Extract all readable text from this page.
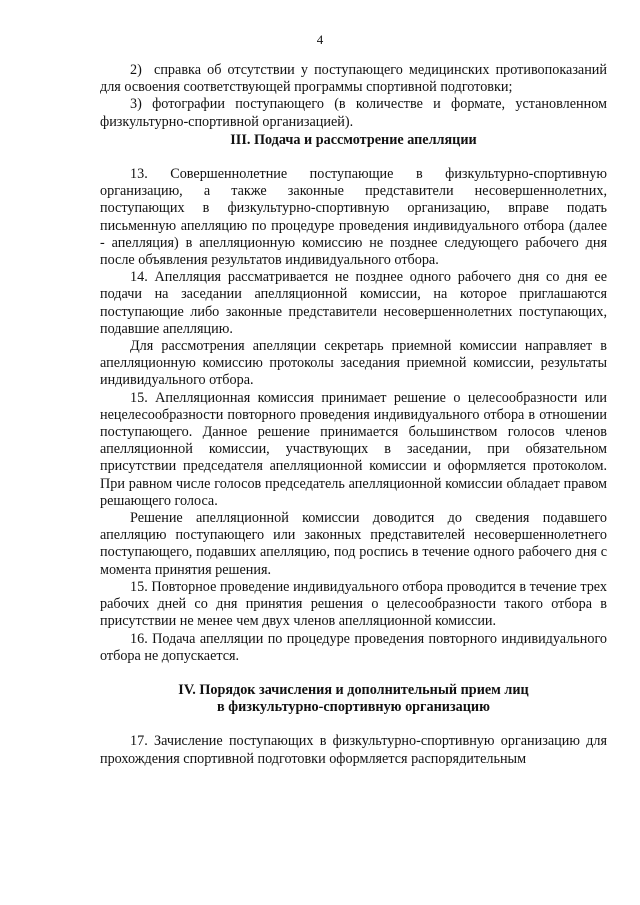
4

2)  справка об отсутствии у поступающего медицинских противопоказаний для освоения соответствующей программы спортивной подготовки;

3) фотографии поступающего (в количестве и формате, установленном физкультурно-спортивной организацией).

III. Подача и рассмотрение апелляции

13. Совершеннолетние поступающие в физкультурно-спортивную организацию, а также законные представители несовершеннолетних, поступающих в физкультурно-спортивную организацию, вправе подать письменную апелляцию по процедуре проведения индивидуального отбора (далее - апелляция) в апелляционную комиссию не позднее следующего рабочего дня после объявления результатов индивидуального отбора.

14. Апелляция рассматривается не позднее одного рабочего дня со дня ее подачи на заседании апелляционной комиссии, на которое приглашаются поступающие либо законные представители несовершеннолетних поступающих, подавшие апелляцию.

Для рассмотрения апелляции секретарь приемной комиссии направляет в апелляционную комиссию протоколы заседания приемной комиссии, результаты индивидуального отбора.

15. Апелляционная комиссия принимает решение о целесообразности или нецелесообразности повторного проведения индивидуального отбора в отношении поступающего. Данное решение принимается большинством голосов членов апелляционной комиссии, участвующих в заседании, при обязательном присутствии председателя апелляционной комиссии и оформляется протоколом. При равном числе голосов председатель апелляционной комиссии обладает правом решающего голоса.

Решение апелляционной комиссии доводится до сведения подавшего апелляцию поступающего или законных представителей несовершеннолетнего поступающего, подавших апелляцию, под роспись в течение одного рабочего дня с момента принятия решения.

15. Повторное проведение индивидуального отбора проводится в течение трех рабочих дней со дня принятия решения о целесообразности такого отбора в присутствии не менее чем двух членов апелляционной комиссии.

16. Подача апелляции по процедуре проведения повторного индивидуального отбора не допускается.

IV. Порядок зачисления и дополнительный прием лиц
в физкультурно-спортивную организацию

17. Зачисление поступающих в физкультурно-спортивную организацию для прохождения спортивной подготовки оформляется распорядительным
